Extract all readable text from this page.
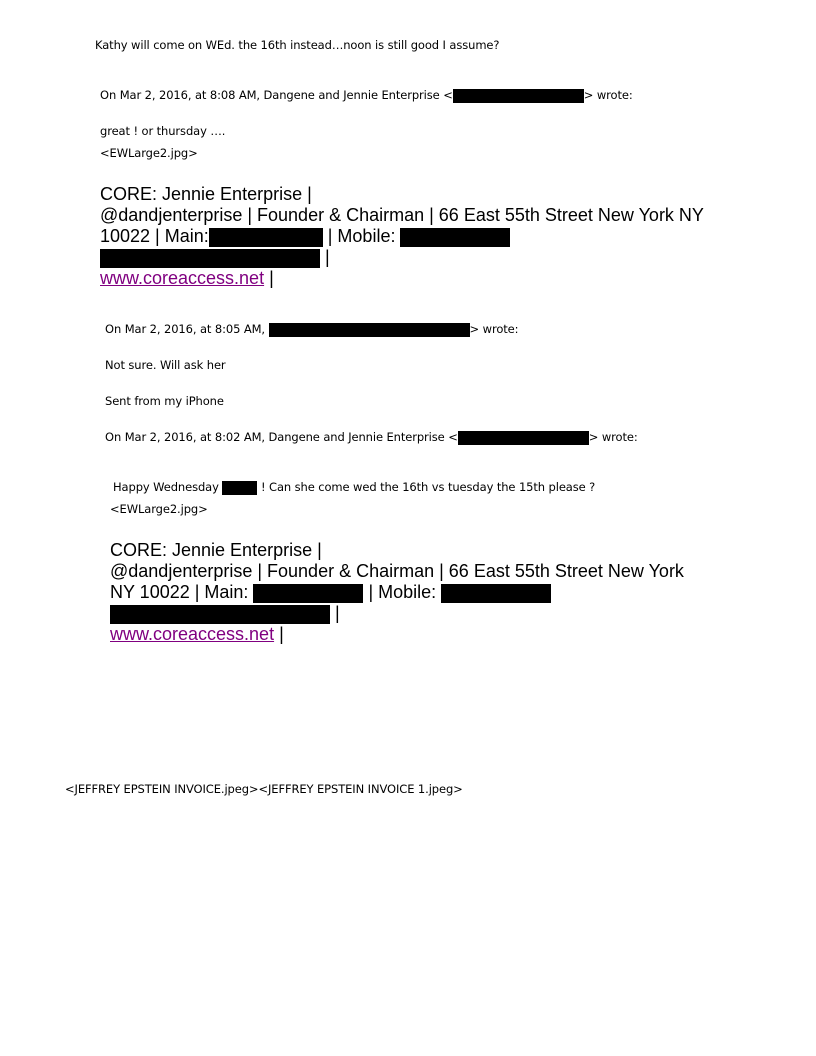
Kathy will come on WEd. the 16th instead…noon is still good I assume?
On Mar 2, 2016, at 8:08 AM, Dangene and Jennie Enterprise <	> wrote:
great ! or thursday ….
<EWLarge2.jpg>
CORE: Jennie Enterprise |
@dandjenterprise | Founder & Chairman | 66 East 55th Street New York NY
10022 | Main:	| Mobile:
|
www.coreaccess.net |
On Mar 2, 2016, at 8:05 AM,	> wrote:
Not sure. Will ask her
Sent from my iPhone
On Mar 2, 2016, at 8:02 AM, Dangene and Jennie Enterprise <	> wrote:
Happy Wednesday	! Can she come wed the 16th vs tuesday the 15th please ?
<EWLarge2.jpg>
CORE: Jennie Enterprise |
@dandjenterprise | Founder & Chairman | 66 East 55th Street New York
NY 10022 | Main:	| Mobile:
|
www.coreaccess.net |
<JEFFREY EPSTEIN INVOICE.jpeg><JEFFREY EPSTEIN INVOICE 1.jpeg>
